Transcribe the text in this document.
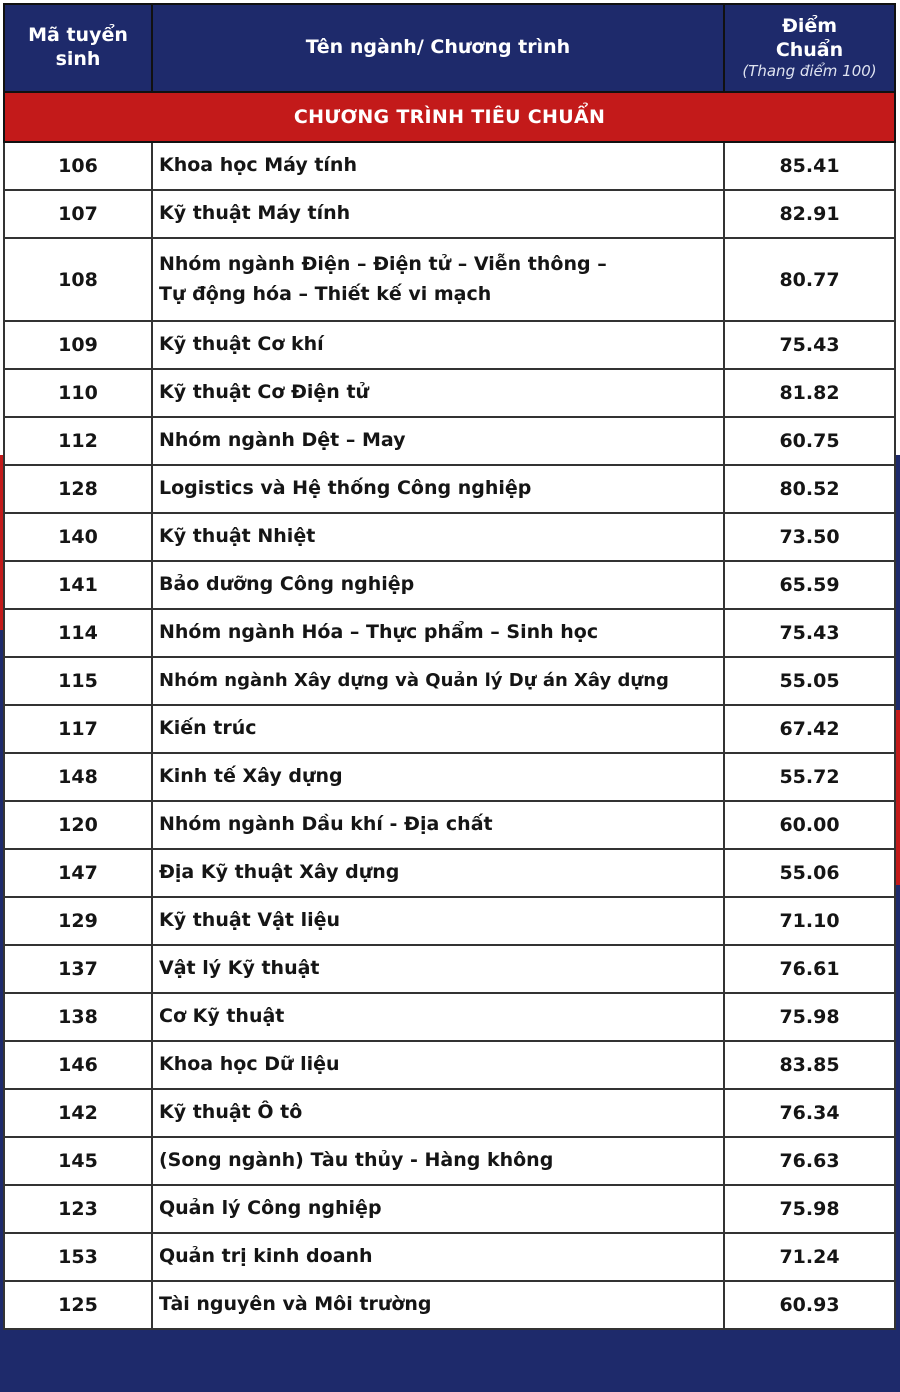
Mã tuyển sinh	Tên ngành/ Chương trình	Điểm Chuẩn
(Thang điểm 100)

CHƯƠNG TRÌNH TIÊU CHUẨN		
106	Khoa học Máy tính	85.41
107	Kỹ thuật Máy tính	82.91
108	Nhóm ngành Điện – Điện tử – Viễn thông –
Tự động hóa – Thiết kế vi mạch	80.77
109	Kỹ thuật Cơ khí	75.43
110	Kỹ thuật Cơ Điện tử	81.82
112	Nhóm ngành Dệt – May	60.75
128	Logistics và Hệ thống Công nghiệp	80.52
140	Kỹ thuật Nhiệt	73.50
141	Bảo dưỡng Công nghiệp	65.59
114	Nhóm ngành Hóa – Thực phẩm – Sinh học	75.43
115	Nhóm ngành Xây dựng và Quản lý Dự án Xây dựng	55.05
117	Kiến trúc	67.42
148	Kinh tế Xây dựng	55.72
120	Nhóm ngành Dầu khí - Địa chất	60.00
147	Địa Kỹ thuật Xây dựng	55.06
129	Kỹ thuật Vật liệu	71.10
137	Vật lý Kỹ thuật	76.61
138	Cơ Kỹ thuật	75.98
146	Khoa học Dữ liệu	83.85
142	Kỹ thuật Ô tô	76.34
145	(Song ngành) Tàu thủy - Hàng không	76.63
123	Quản lý Công nghiệp	75.98
153	Quản trị kinh doanh	71.24
125	Tài nguyên và Môi trường	60.93
